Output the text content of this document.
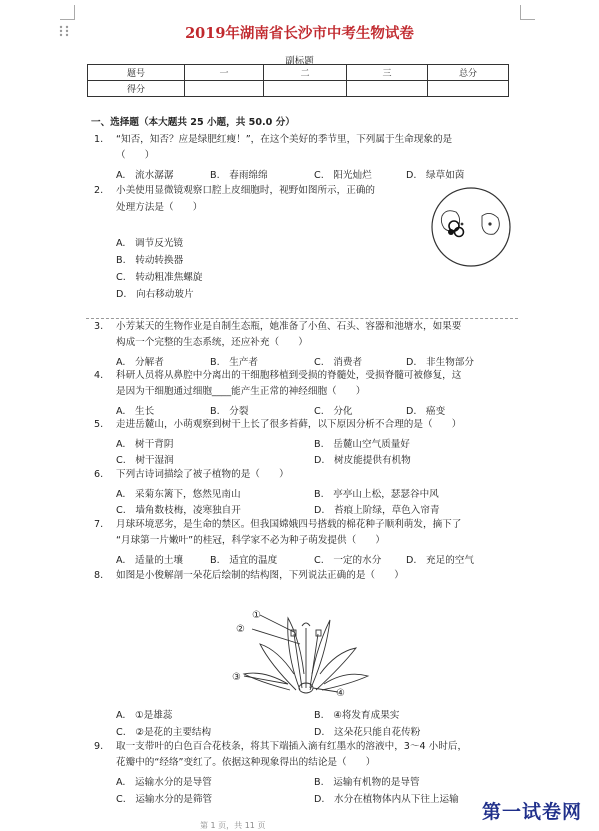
2019年湖南省长沙市中考生物试卷
副标题
题号	一	二	三	总分
得分				
一、选择题（本大题共 25 小题，共 50.0 分）
1. “知否，知否？应是绿肥红瘦！”，在这个美好的季节里，下列属于生命现象的是
（　　）
A.　流水潺潺	B.　春雨绵绵	C.　阳光灿烂	D.　绿草如茵
2. 小美使用显微镜观察口腔上皮细胞时，视野如图所示，正确的
处理方法是（　　）
A.　调节反光镜
B.　转动转换器
C.　转动粗准焦螺旋
D.　向右移动玻片
3. 小芳某天的生物作业是自制生态瓶，她准备了小鱼、石头、容器和池塘水，如果要
构成一个完整的生态系统，还应补充（　　）
A.　分解者	B.　生产者	C.　消费者	D.　非生物部分
4. 科研人员将从鼻腔中分离出的干细胞移植到受损的脊髓处，受损脊髓可被修复，这
是因为干细胞通过细胞____能产生正常的神经细胞（　　）
A.　生长	B.　分裂	C.　分化	D.　癌变
5. 走进岳麓山，小萌观察到树干上长了很多苔藓，以下原因分析不合理的是（　　）
A.　树干背阴	B.　岳麓山空气质量好
C.　树干湿润	D.　树皮能提供有机物
6. 下列古诗词描绘了被子植物的是（　　）
A.　采菊东篱下，悠然见南山	B.　亭亭山上松，瑟瑟谷中风
C.　墙角数枝梅，凌寒独自开	D.　苔痕上阶绿，草色入帘青
7. 月球环境恶劣，是生命的禁区。但我国嫦娥四号搭载的棉花种子顺利萌发，摘下了
“月球第一片嫩叶”的桂冠，科学家不必为种子萌发提供（　　）
A.　适量的土壤	B.　适宜的温度	C.　一定的水分	D.　充足的空气
8. 如图是小俊解剖一朵花后绘制的结构图，下列说法正确的是（　　）
①
②
③
④
A.　①是雄蕊	B.　④将发育成果实
C.　②是花的主要结构	D.　这朵花只能自花传粉
9. 取一支带叶的白色百合花枝条，将其下端插入滴有红墨水的溶液中，3～4 小时后，
花瓣中的“经络”变红了。依据这种现象得出的结论是（　　）
A.　运输水分的是导管	B.　运输有机物的是导管
C.　运输水分的是筛管	D.　水分在植物体内从下往上运输
第一试卷网
第 1 页，共 11 页
